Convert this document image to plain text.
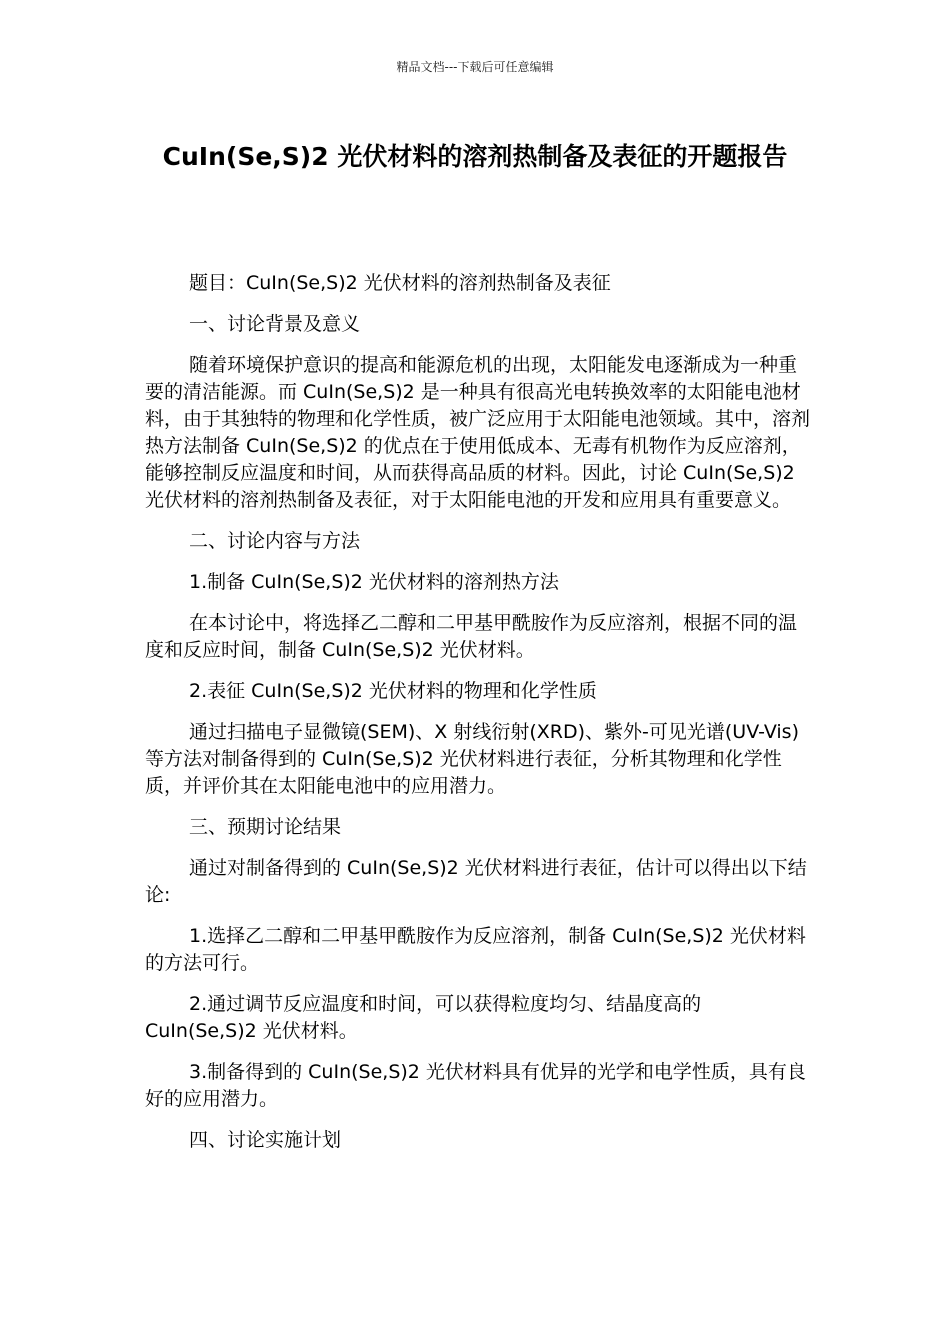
精品文档---下载后可任意编辑
CuIn(Se,S)2 光伏材料的溶剂热制备及表征的开题报告

题目：CuIn(Se,S)2 光伏材料的溶剂热制备及表征

一、讨论背景及意义

随着环境保护意识的提高和能源危机的出现，太阳能发电逐渐成为一种重要的清洁能源。而 CuIn(Se,S)2 是一种具有很高光电转换效率的太阳能电池材料，由于其独特的物理和化学性质，被广泛应用于太阳能电池领域。其中，溶剂热方法制备 CuIn(Se,S)2 的优点在于使用低成本、无毒有机物作为反应溶剂，能够控制反应温度和时间，从而获得高品质的材料。因此，讨论 CuIn(Se,S)2 光伏材料的溶剂热制备及表征，对于太阳能电池的开发和应用具有重要意义。

二、讨论内容与方法

1.制备 CuIn(Se,S)2 光伏材料的溶剂热方法

在本讨论中，将选择乙二醇和二甲基甲酰胺作为反应溶剂，根据不同的温度和反应时间，制备 CuIn(Se,S)2 光伏材料。

2.表征 CuIn(Se,S)2 光伏材料的物理和化学性质

通过扫描电子显微镜(SEM)、X 射线衍射(XRD)、紫外-可见光谱(UV-Vis)等方法对制备得到的 CuIn(Se,S)2 光伏材料进行表征，分析其物理和化学性质，并评价其在太阳能电池中的应用潜力。

三、预期讨论结果

通过对制备得到的 CuIn(Se,S)2 光伏材料进行表征，估计可以得出以下结论:

1.选择乙二醇和二甲基甲酰胺作为反应溶剂，制备 CuIn(Se,S)2 光伏材料的方法可行。

2.通过调节反应温度和时间，可以获得粒度均匀、结晶度高的 CuIn(Se,S)2 光伏材料。

3.制备得到的 CuIn(Se,S)2 光伏材料具有优异的光学和电学性质，具有良好的应用潜力。

四、讨论实施计划
